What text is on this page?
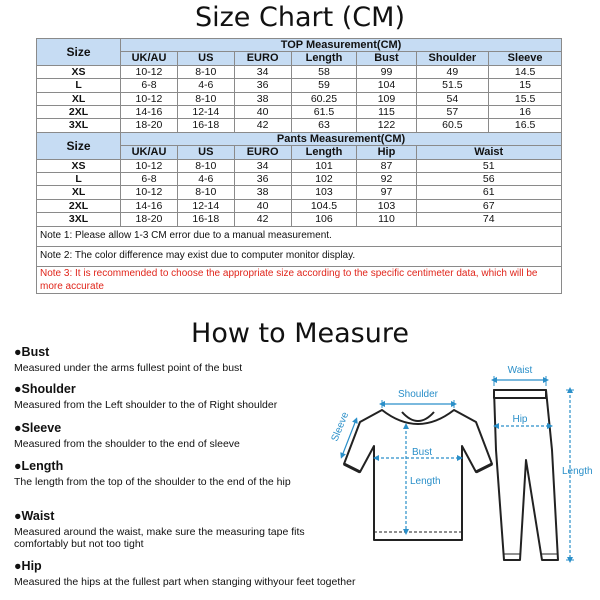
Size Chart (CM)
Size	TOP Measurement(CM)						
	UK/AU	US	EURO	Length	Bust	Shoulder	Sleeve
XS	10-12	8-10	34	58	99	49	14.5
L	6-8	4-6	36	59	104	51.5	15
XL	10-12	8-10	38	60.25	109	54	15.5
2XL	14-16	12-14	40	61.5	115	57	16
3XL	18-20	16-18	42	63	122	60.5	16.5
Size	Pants Measurement(CM)						
	UK/AU	US	EURO	Length	Hip	Waist	
XS	10-12	8-10	34	101	87	51	
L	6-8	4-6	36	102	92	56	
XL	10-12	8-10	38	103	97	61	
2XL	14-16	12-14	40	104.5	103	67	
3XL	18-20	16-18	42	106	110	74	
Note 1: Please allow 1-3 CM error due to a manual measurement.							
Note 2: The color difference may exist due to computer monitor display.							
Note 3: It is recommended to choose the appropriate size according to the specific centimeter data, which will be more accurate							
How to Measure
●Bust
Measured under the arms fullest point of the bust
●Shoulder
Measured from the Left shoulder to the of Right shoulder
●Sleeve
Measured from the shoulder to the end of sleeve
●Length
The length from the top of the shoulder to the end of the hip
●Waist
Measured around the waist, make sure the measuring tape fits comfortably but not too tight
●Hip
Measured the hips at the fullest part when stanging withyour feet together
Shoulder
Sleeve
Bust
Length
Waist
Hip
Length
